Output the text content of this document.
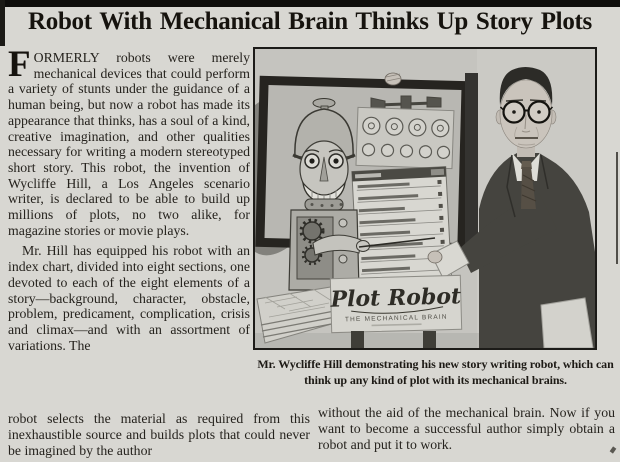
Robot With Mechanical Brain Thinks Up Story Plots

FORMERLY robots were merely mechanical devices that could perform a variety of stunts under the guidance of a human being, but now a robot has made its appearance that thinks, has a soul of a kind, creative imagination, and other qualities necessary for writing a modern stereotyped short story. This robot, the invention of Wycliffe Hill, a Los Angeles scenario writer, is declared to be able to build up millions of plots, no two alike, for magazine stories or movie plays.

Mr. Hill has equipped his robot with an index chart, divided into eight sections, one devoted to each of the eight elements of a story—background, character, obstacle, problem, predicament, complication, crisis and climax—and with an assortment of variations. The

Plot Robot
THE MECHANICAL BRAIN
Mr. Wycliffe Hill demonstrating his new story writing robot, which can think up any kind of plot with its mechanical brains.
robot selects the material as required from this inexhaustible source and builds plots that could never be imagined by the author
without the aid of the mechanical brain. Now if you want to become a successful author simply obtain a robot and put it to work.
